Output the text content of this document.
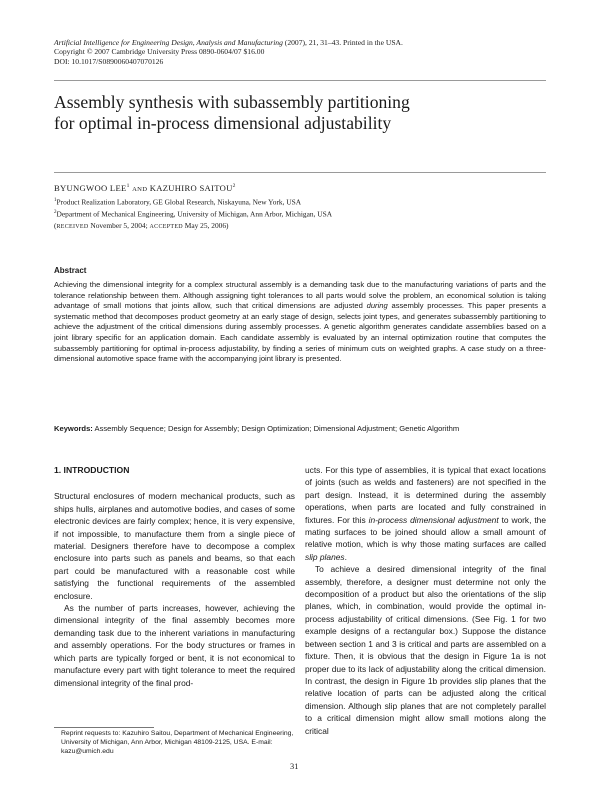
Artificial Intelligence for Engineering Design, Analysis and Manufacturing (2007), 21, 31–43. Printed in the USA.
Copyright © 2007 Cambridge University Press 0890-0604/07 $16.00
DOI: 10.1017/S0890060407070126
Assembly synthesis with subassembly partitioning
for optimal in-process dimensional adjustability
BYUNGWOO LEE$^1$ AND KAZUHIRO SAITOU$^2$
$^1$Product Realization Laboratory, GE Global Research, Niskayuna, New York, USA
$^2$Department of Mechanical Engineering, University of Michigan, Ann Arbor, Michigan, USA
(RECEIVED November 5, 2004; ACCEPTED May 25, 2006)
Abstract
Achieving the dimensional integrity for a complex structural assembly is a demanding task due to the manufacturing variations of parts and the tolerance relationship between them. Although assigning tight tolerances to all parts would solve the problem, an economical solution is taking advantage of small motions that joints allow, such that critical dimensions are adjusted during assembly processes. This paper presents a systematic method that decomposes product geometry at an early stage of design, selects joint types, and generates subassembly partitioning to achieve the adjustment of the critical dimensions during assembly processes. A genetic algorithm generates candidate assemblies based on a joint library specific for an application domain. Each candidate assembly is evaluated by an internal optimization routine that computes the subassembly partitioning for optimal in-process adjustability, by finding a series of minimum cuts on weighted graphs. A case study on a three-dimensional automotive space frame with the accompanying joint library is presented.
Keywords: Assembly Sequence; Design for Assembly; Design Optimization; Dimensional Adjustment; Genetic Algorithm
1. INTRODUCTION

Structural enclosures of modern mechanical products, such as ships hulls, airplanes and automotive bodies, and cases of some electronic devices are fairly complex; hence, it is very expensive, if not impossible, to manufacture them from a single piece of material. Designers therefore have to decompose a complex enclosure into parts such as panels and beams, so that each part could be manufactured with a reasonable cost while satisfying the functional requirements of the assembled enclosure.

As the number of parts increases, however, achieving the dimensional integrity of the final assembly becomes more demanding task due to the inherent variations in manufacturing and assembly operations. For the body structures or frames in which parts are typically forged or bent, it is not economical to manufacture every part with tight tolerance to meet the required dimensional integrity of the final prod-

ucts. For this type of assemblies, it is typical that exact locations of joints (such as welds and fasteners) are not specified in the part design. Instead, it is determined during the assembly operations, when parts are located and fully constrained in fixtures. For this in-process dimensional adjustment to work, the mating surfaces to be joined should allow a small amount of relative motion, which is why those mating surfaces are called slip planes.

To achieve a desired dimensional integrity of the final assembly, therefore, a designer must determine not only the decomposition of a product but also the orientations of the slip planes, which, in combination, would provide the optimal in-process adjustability of critical dimensions. (See Fig. 1 for two example designs of a rectangular box.) Suppose the distance between section 1 and 3 is critical and parts are assembled on a fixture. Then, it is obvious that the design in Figure 1a is not proper due to its lack of adjustability along the critical dimension. In contrast, the design in Figure 1b provides slip planes that the relative location of parts can be adjusted along the critical dimension. Although slip planes that are not completely parallel to a critical dimension might allow small motions along the critical

Reprint requests to: Kazuhiro Saitou, Department of Mechanical Engineering, University of Michigan, Ann Arbor, Michigan 48109-2125, USA. E-mail: kazu@umich.edu
31
